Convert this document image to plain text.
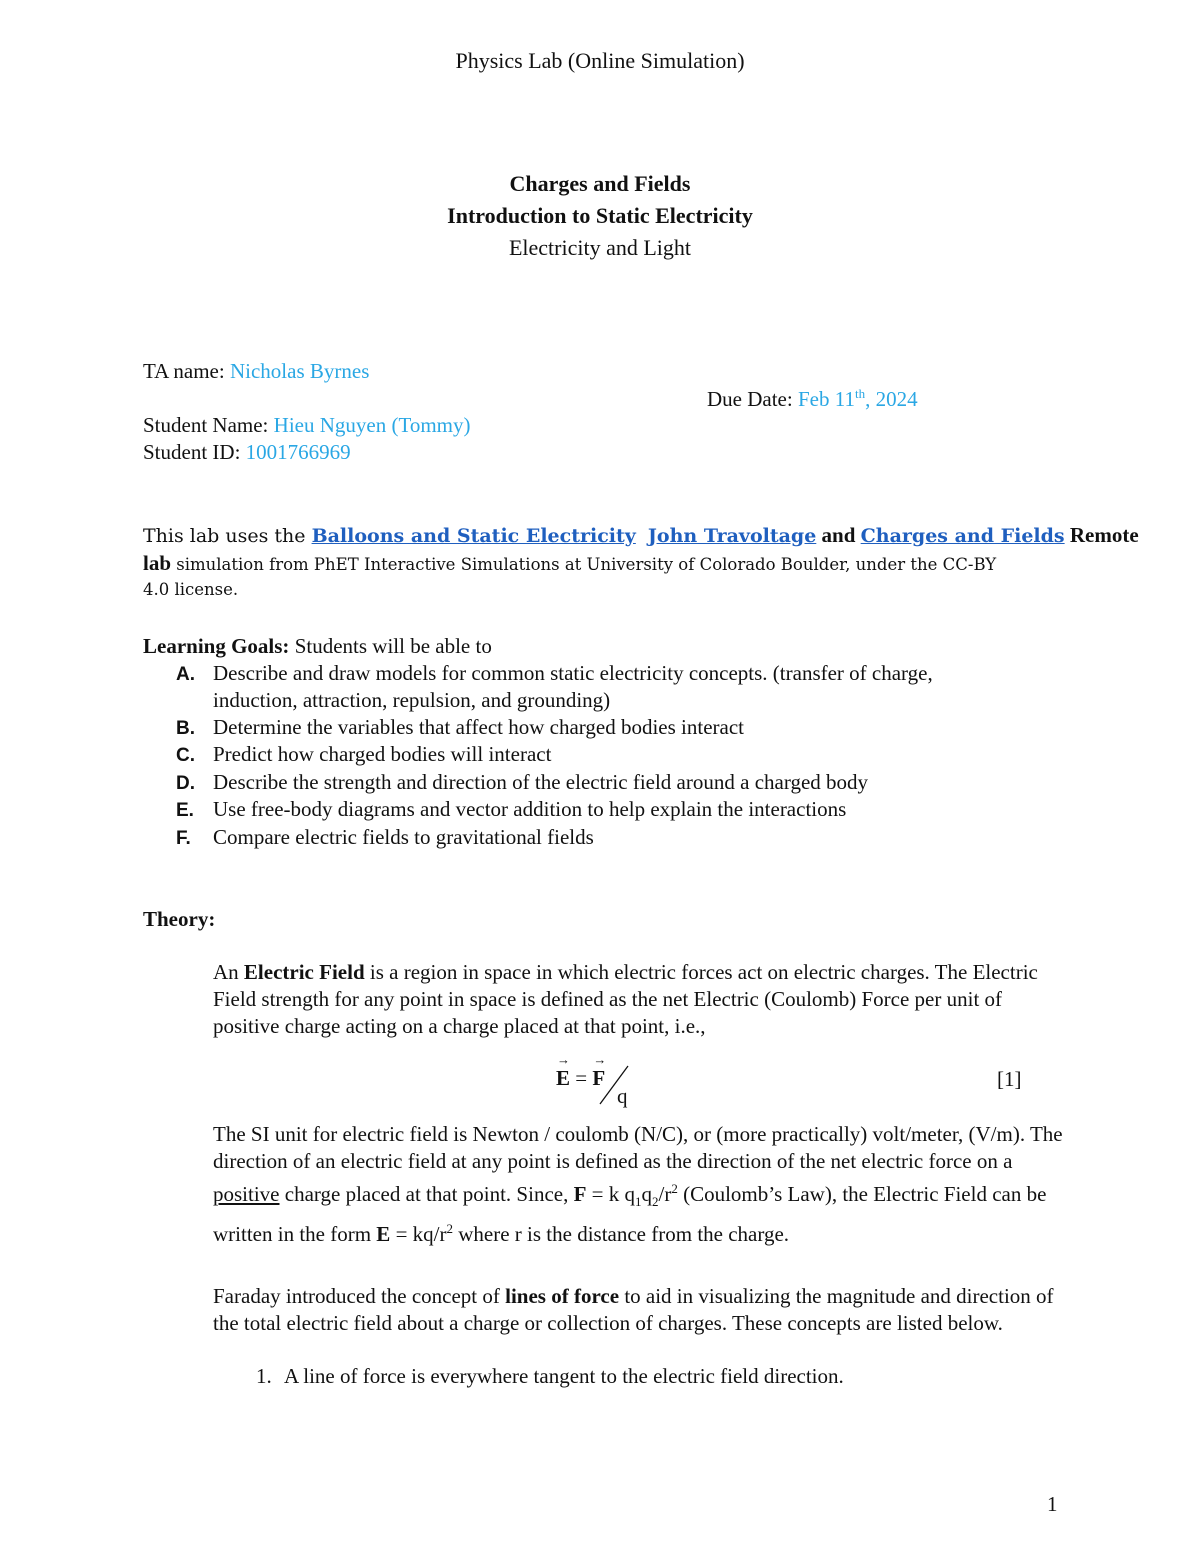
Physics Lab (Online Simulation)
Charges and Fields
Introduction to Static Electricity
Electricity and Light
TA name: Nicholas Byrnes
Due Date: Feb 11th, 2024
Student Name: Hieu Nguyen (Tommy)
Student ID: 1001766969
This lab uses the Balloons and Static Electricity John Travoltage and Charges and Fields Remote
lab simulation from PhET Interactive Simulations at University of Colorado Boulder, under the CC-BY
4.0 license.
Learning Goals: Students will be able to
A. Describe and draw models for common static electricity concepts. (transfer of charge,
induction, attraction, repulsion, and grounding)
B. Determine the variables that affect how charged bodies interact
C. Predict how charged bodies will interact
D. Describe the strength and direction of the electric field around a charged body
E. Use free-body diagrams and vector addition to help explain the interactions
F. Compare electric fields to gravitational fields
Theory:
An Electric Field is a region in space in which electric forces act on electric charges. The Electric Field strength for any point in space is defined as the net Electric (Coulomb) Force per unit of positive charge acting on a charge placed at that point, i.e.,
→ E = → F
q
[1]
The SI unit for electric field is Newton / coulomb (N/C), or (more practically) volt/meter, (V/m). The direction of an electric field at any point is defined as the direction of the net electric force on a positive charge placed at that point. Since, F = k $q_1q_2/r^2$ (Coulomb’s Law), the Electric Field can be written in the form $E = kq/r^2$ where r is the distance from the charge.
Faraday introduced the concept of lines of force to aid in visualizing the magnitude and direction of the total electric field about a charge or collection of charges. These concepts are listed below.
1. A line of force is everywhere tangent to the electric field direction.
1
